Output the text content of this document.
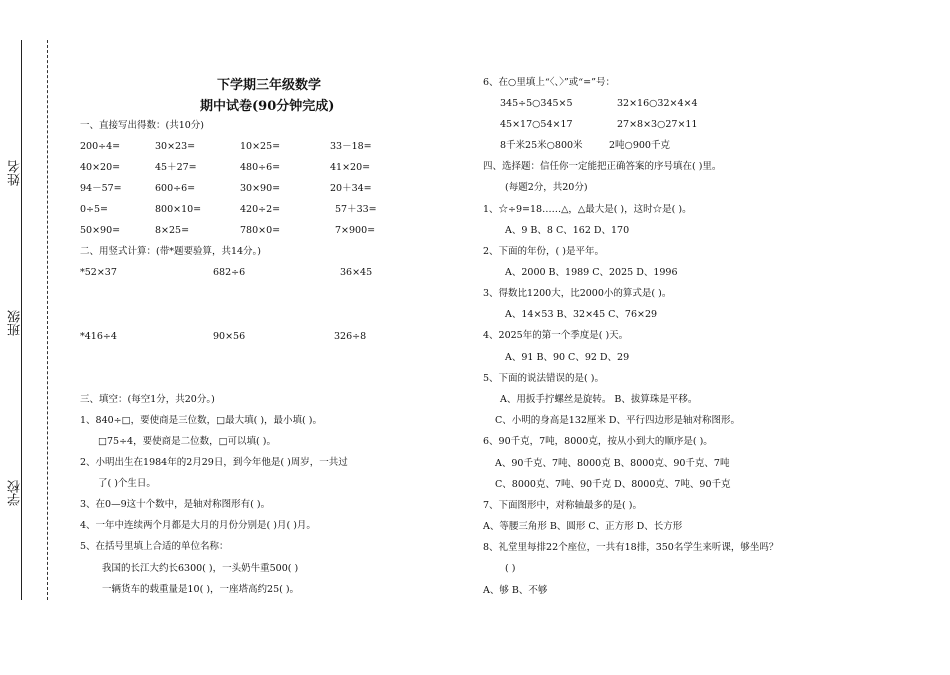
姓名
班级
学校
下学期三年级数学
期中试卷(90分钟完成)
一、直接写出得数：(共10分)
200÷4=	30×23=	10×25=	33－18=
40×20=	45＋27=	480÷6=	41×20=
94－57=	600÷6=	30×90=	20＋34=
0÷5=	800×10=	420÷2=	57＋33=
50×90=	8×25=	780×0=	7×900=
二、用竖式计算：(带*题要验算，共14分。)
*52×37	682÷6	36×45
*416÷4	90×56	326÷8
三、填空：(每空1分，共20分。)
1、840÷□，要使商是三位数，□最大填( )，最小填( )。
□75÷4，要使商是二位数，□可以填( )。
2、小明出生在1984年的2月29日，到今年他是( )周岁，一共过
了( )个生日。
3、在0—9这十个数中，是轴对称图形有( )。
4、一年中连续两个月都是大月的月份分别是( )月( )月。
5、在括号里填上合适的单位名称：
我国的长江大约长6300( )，一头奶牛重500( )
一辆货车的载重量是10( )，一座塔高约25( )。
6、在○里填上“〈、〉”或“=”号：
345÷5○345×5	32×16○32×4×4
45×17○54×17	27×8×3○27×11
8千米25米○800米	2吨○900千克
四、选择题：信任你一定能把正确答案的序号填在( )里。
(每题2分，共20分)
1、☆÷9=18……△，△最大是( )，这时☆是( )。
A、9 B、8 C、162 D、170
2、下面的年份，( )是平年。
A、2000 B、1989 C、2025 D、1996
3、得数比1200大，比2000小的算式是( )。
A、14×53 B、32×45 C、76×29
4、2025年的第一个季度是( )天。
A、91 B、90 C、92 D、29
5、下面的说法错误的是( )。
A、用扳手拧螺丝是旋转。 B、拔算珠是平移。
C、小明的身高是132厘米 D、平行四边形是轴对称图形。
6、90千克，7吨，8000克，按从小到大的顺序是( )。
A、90千克、7吨、8000克 B、8000克、90千克、7吨
C、8000克、7吨、90千克 D、8000克、7吨、90千克
7、下面图形中，对称轴最多的是( )。
A、等腰三角形 B、圆形 C、正方形 D、长方形
8、礼堂里每排22个座位，一共有18排，350名学生来听课，够坐吗？
( )
A、够 B、不够
